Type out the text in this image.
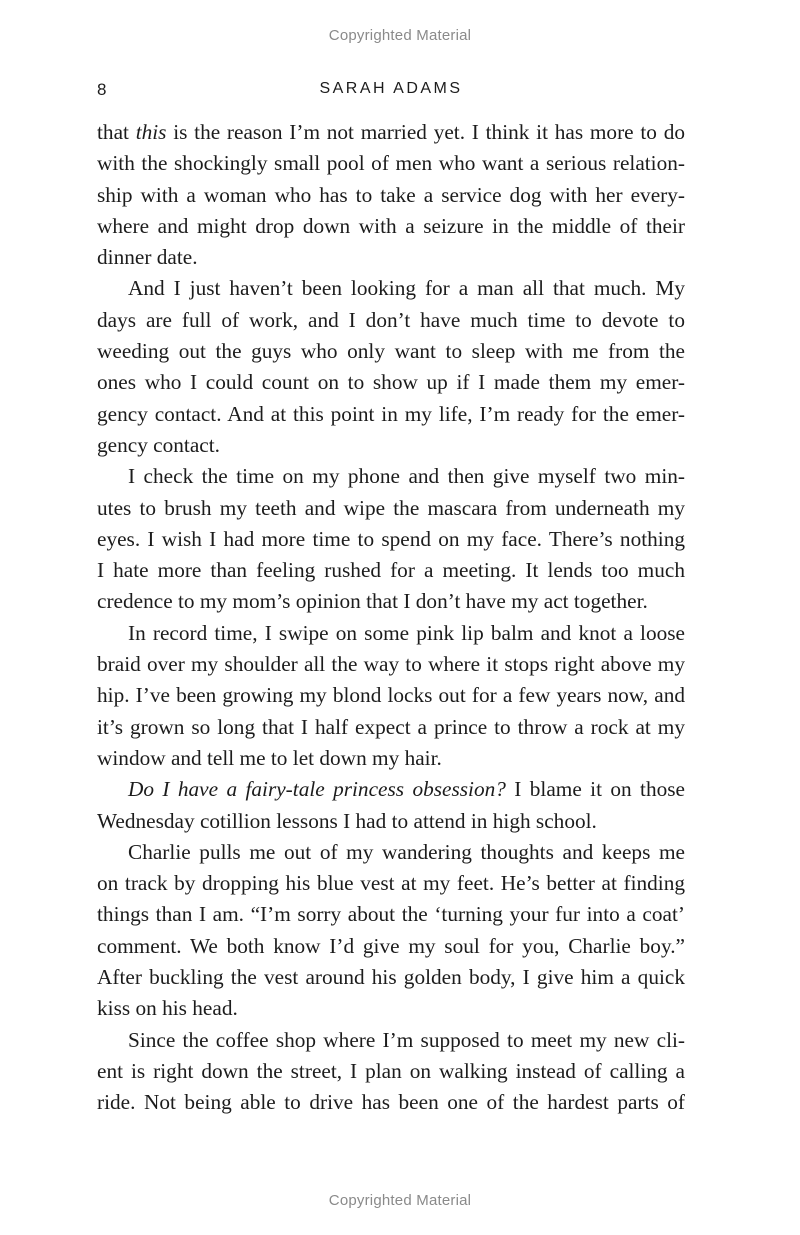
Copyrighted Material
8	SARAH ADAMS

that this is the reason I’m not married yet. I think it has more to do
with the shockingly small pool of men who want a serious relation-
ship with a woman who has to take a service dog with her every-
where and might drop down with a seizure in the middle of their
dinner date.

And I just haven’t been looking for a man all that much. My
days are full of work, and I don’t have much time to devote to
weeding out the guys who only want to sleep with me from the
ones who I could count on to show up if I made them my emer-
gency contact. And at this point in my life, I’m ready for the emer-
gency contact.

I check the time on my phone and then give myself two min-
utes to brush my teeth and wipe the mascara from underneath my
eyes. I wish I had more time to spend on my face. There’s nothing
I hate more than feeling rushed for a meeting. It lends too much
credence to my mom’s opinion that I don’t have my act together.

In record time, I swipe on some pink lip balm and knot a loose
braid over my shoulder all the way to where it stops right above my
hip. I’ve been growing my blond locks out for a few years now, and
it’s grown so long that I half expect a prince to throw a rock at my
window and tell me to let down my hair.

Do I have a fairy-tale princess obsession? I blame it on those
Wednesday cotillion lessons I had to attend in high school.

Charlie pulls me out of my wandering thoughts and keeps me
on track by dropping his blue vest at my feet. He’s better at finding
things than I am. “I’m sorry about the ‘turning your fur into a coat’
comment. We both know I’d give my soul for you, Charlie boy.”
After buckling the vest around his golden body, I give him a quick
kiss on his head.

Since the coffee shop where I’m supposed to meet my new cli-
ent is right down the street, I plan on walking instead of calling a
ride. Not being able to drive has been one of the hardest parts of

Copyrighted Material
